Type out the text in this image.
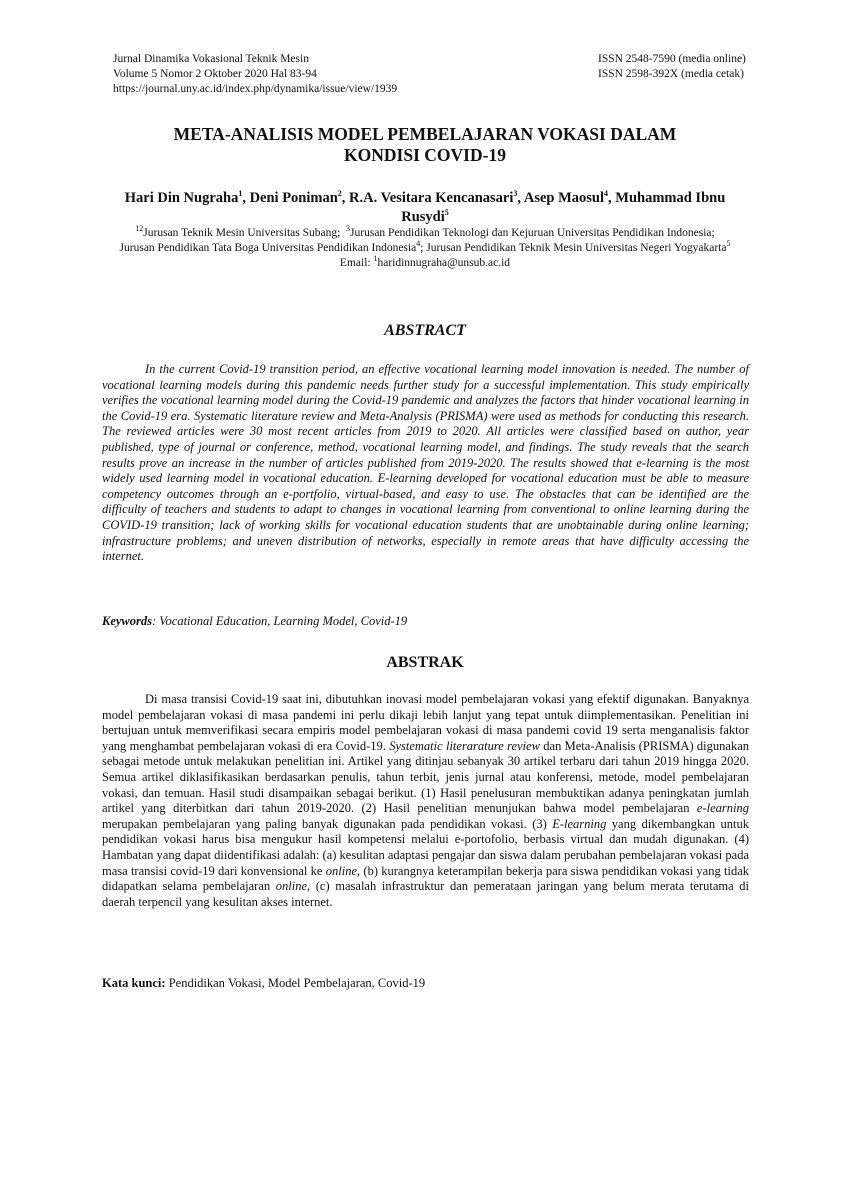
Jurnal Dinamika Vokasional Teknik Mesin
Volume 5 Nomor 2 Oktober 2020 Hal 83-94
https://journal.uny.ac.id/index.php/dynamika/issue/view/1939
ISSN 2548-7590 (media online)
ISSN 2598-392X (media cetak)
META-ANALISIS MODEL PEMBELAJARAN VOKASI DALAM
KONDISI COVID-19
Hari Din Nugraha$^1$, Deni Poniman$^2$, R.A. Vesitara Kencanasari$^3$, Asep Maosul$^4$, Muhammad Ibnu Rusydi$^5$
$^{12}$Jurusan Teknik Mesin Universitas Subang; $^3$Jurusan Pendidikan Teknologi dan Kejuruan Universitas Pendidikan Indonesia;
Jurusan Pendidikan Tata Boga Universitas Pendidikan Indonesia$^4$; Jurusan Pendidikan Teknik Mesin Universitas Negeri Yogyakarta$^5$
Email: $^1$haridinnugraha@unsub.ac.id
ABSTRACT
In the current Covid-19 transition period, an effective vocational learning model innovation is needed. The number of vocational learning models during this pandemic needs further study for a successful implementation. This study empirically verifies the vocational learning model during the Covid-19 pandemic and analyzes the factors that hinder vocational learning in the Covid-19 era. Systematic literature review and Meta-Analysis (PRISMA) were used as methods for conducting this research. The reviewed articles were 30 most recent articles from 2019 to 2020. All articles were classified based on author, year published, type of journal or conference, method, vocational learning model, and findings. The study reveals that the search results prove an increase in the number of articles published from 2019-2020. The results showed that e-learning is the most widely used learning model in vocational education. E-learning developed for vocational education must be able to measure competency outcomes through an e-portfolio, virtual-based, and easy to use. The obstacles that can be identified are the difficulty of teachers and students to adapt to changes in vocational learning from conventional to online learning during the COVID-19 transition; lack of working skills for vocational education students that are unobtainable during online learning; infrastructure problems; and uneven distribution of networks, especially in remote areas that have difficulty accessing the internet.
Keywords: Vocational Education, Learning Model, Covid-19
ABSTRAK
Di masa transisi Covid-19 saat ini, dibutuhkan inovasi model pembelajaran vokasi yang efektif digunakan. Banyaknya model pembelajaran vokasi di masa pandemi ini perlu dikaji lebih lanjut yang tepat untuk diimplementasikan. Penelitian ini bertujuan untuk memverifikasi secara empiris model pembelajaran vokasi di masa pandemi covid 19 serta menganalisis faktor yang menghambat pembelajaran vokasi di era Covid-19. Systematic literarature review dan Meta-Analisis (PRISMA) digunakan sebagai metode untuk melakukan penelitian ini. Artikel yang ditinjau sebanyak 30 artikel terbaru dari tahun 2019 hingga 2020. Semua artikel diklasifikasikan berdasarkan penulis, tahun terbit, jenis jurnal atau konferensi, metode, model pembelajaran vokasi, dan temuan. Hasil studi disampaikan sebagai berikut. (1) Hasil penelusuran membuktikan adanya peningkatan jumlah artikel yang diterbitkan dari tahun 2019-2020. (2) Hasil penelitian menunjukan bahwa model pembelajaran e-learning merupakan pembelajaran yang paling banyak digunakan pada pendidikan vokasi. (3) E-learning yang dikembangkan untuk pendidikan vokasi harus bisa mengukur hasil kompetensi melalui e-portofolio, berbasis virtual dan mudah digunakan. (4) Hambatan yang dapat diidentifikasi adalah: (a) kesulitan adaptasi pengajar dan siswa dalam perubahan pembelajaran vokasi pada masa transisi covid-19 dari konvensional ke online, (b) kurangnya keterampilan bekerja para siswa pendidikan vokasi yang tidak didapatkan selama pembelajaran online, (c) masalah infrastruktur dan pemerataan jaringan yang belum merata terutama di daerah terpencil yang kesulitan akses internet.
Kata kunci: Pendidikan Vokasi, Model Pembelajaran, Covid-19
